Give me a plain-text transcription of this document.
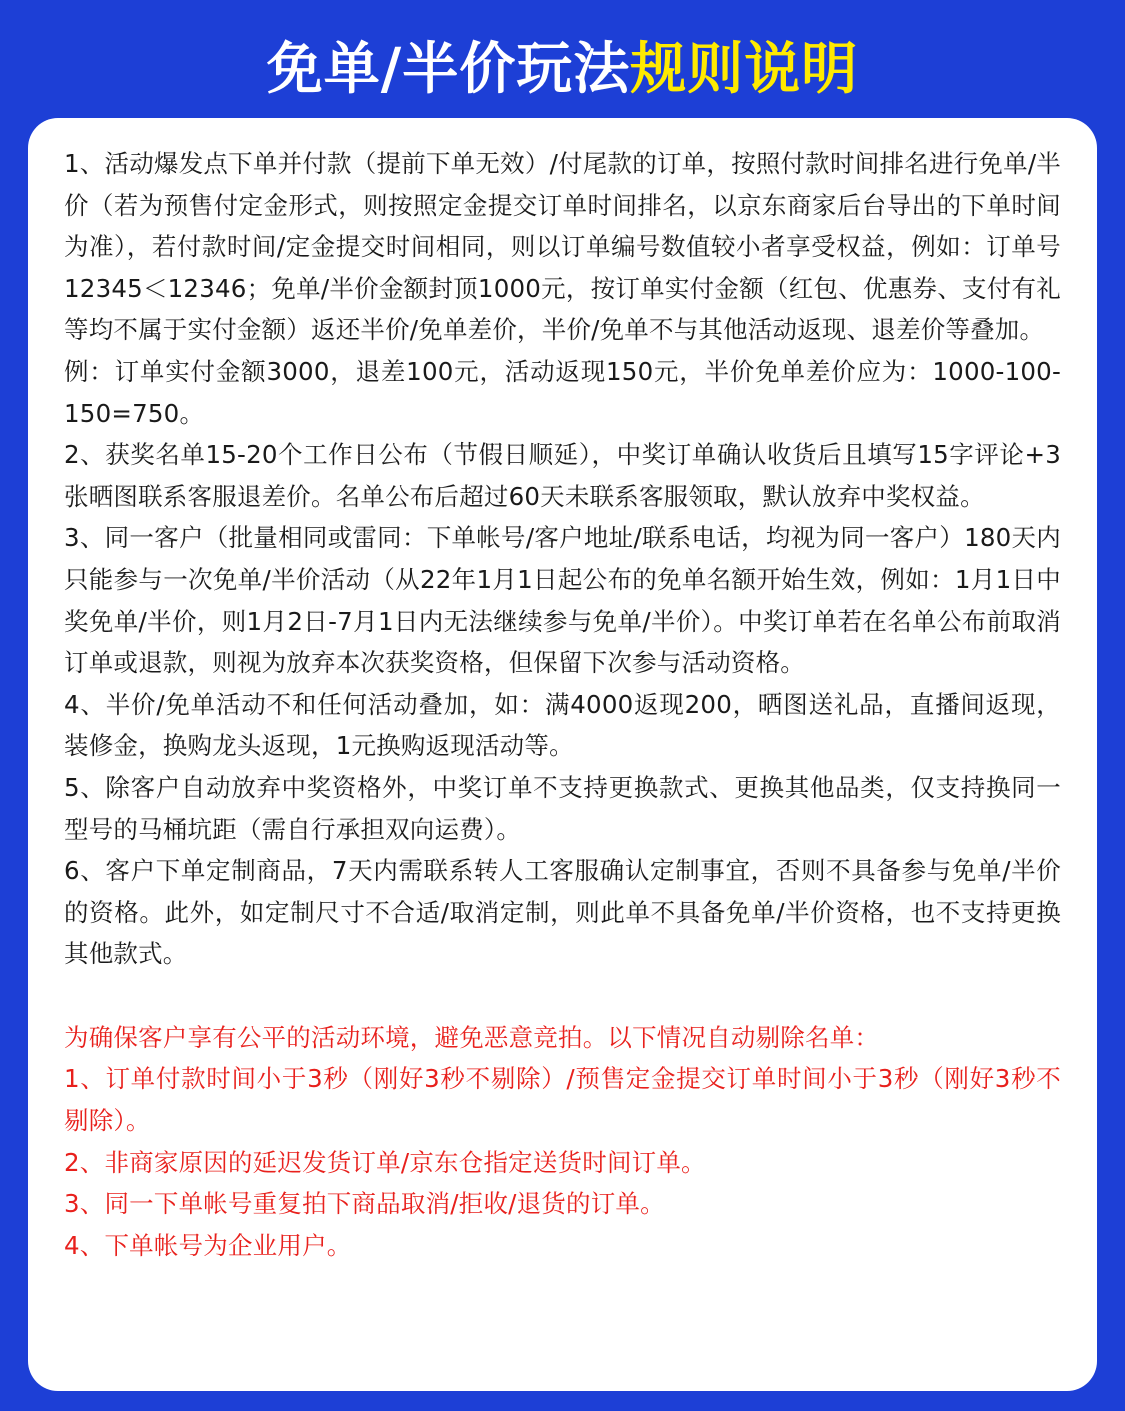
免单/半价玩法规则说明

1、活动爆发点下单并付款（提前下单无效）/付尾款的订单，按照付款时间排名进行免单/半价（若为预售付定金形式，则按照定金提交订单时间排名，以京东商家后台导出的下单时间为准），若付款时间/定金提交时间相同，则以订单编号数值较小者享受权益，例如：订单号12345＜12346；免单/半价金额封顶1000元，按订单实付金额（红包、优惠券、支付有礼等均不属于实付金额）返还半价/免单差价，半价/免单不与其他活动返现、退差价等叠加。

例：订单实付金额3000，退差100元，活动返现150元，半价免单差价应为：1000-100-150=750。

2、获奖名单15-20个工作日公布（节假日顺延），中奖订单确认收货后且填写15字评论+3张晒图联系客服退差价。名单公布后超过60天未联系客服领取，默认放弃中奖权益。

3、同一客户（批量相同或雷同：下单帐号/客户地址/联系电话，均视为同一客户）180天内只能参与一次免单/半价活动（从22年1月1日起公布的免单名额开始生效，例如：1月1日中奖免单/半价，则1月2日-7月1日内无法继续参与免单/半价）。中奖订单若在名单公布前取消订单或退款，则视为放弃本次获奖资格，但保留下次参与活动资格。

4、半价/免单活动不和任何活动叠加，如：满4000返现200，晒图送礼品，直播间返现，装修金，换购龙头返现，1元换购返现活动等。

5、除客户自动放弃中奖资格外，中奖订单不支持更换款式、更换其他品类，仅支持换同一型号的马桶坑距（需自行承担双向运费）。

6、客户下单定制商品，7天内需联系转人工客服确认定制事宜，否则不具备参与免单/半价的资格。此外，如定制尺寸不合适/取消定制，则此单不具备免单/半价资格，也不支持更换其他款式。

为确保客户享有公平的活动环境，避免恶意竞拍。以下情况自动剔除名单：

1、订单付款时间小于3秒（刚好3秒不剔除）/预售定金提交订单时间小于3秒（刚好3秒不剔除）。

2、非商家原因的延迟发货订单/京东仓指定送货时间订单。

3、同一下单帐号重复拍下商品取消/拒收/退货的订单。

4、下单帐号为企业用户。
